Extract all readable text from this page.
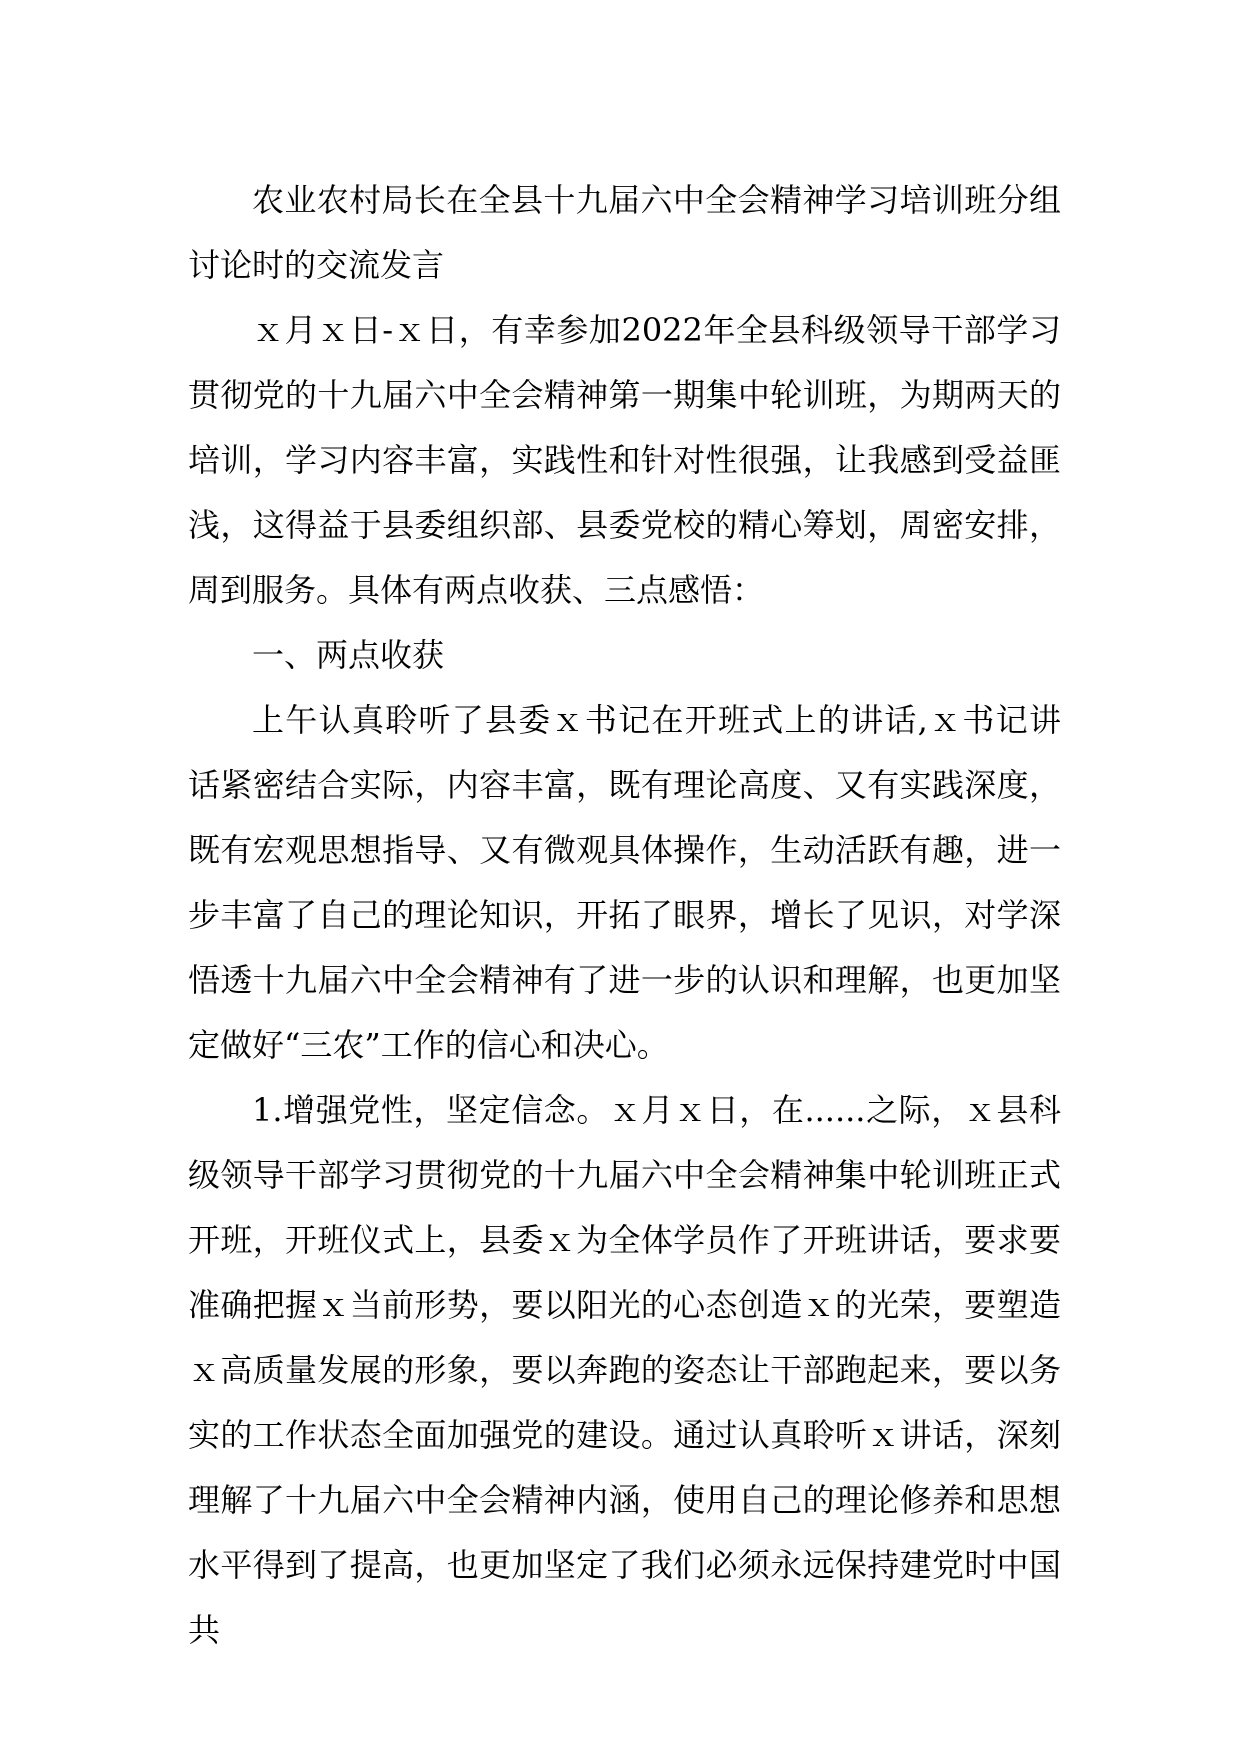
农业农村局长在全县十九届六中全会精神学习培训班分组讨论时的交流发言

ｘ月ｘ日-ｘ日，有幸参加2022年全县科级领导干部学习贯彻党的十九届六中全会精神第一期集中轮训班，为期两天的培训，学习内容丰富，实践性和针对性很强，让我感到受益匪浅，这得益于县委组织部、县委党校的精心筹划，周密安排，周到服务。具体有两点收获、三点感悟：

一、两点收获

上午认真聆听了县委ｘ书记在开班式上的讲话,ｘ书记讲话紧密结合实际，内容丰富，既有理论高度、又有实践深度，既有宏观思想指导、又有微观具体操作，生动活跃有趣，进一步丰富了自己的理论知识，开拓了眼界，增长了见识，对学深悟透十九届六中全会精神有了进一步的认识和理解，也更加坚定做好“三农”工作的信心和决心。

1.增强党性，坚定信念。ｘ月ｘ日，在......之际，ｘ县科级领导干部学习贯彻党的十九届六中全会精神集中轮训班正式开班，开班仪式上，县委ｘ为全体学员作了开班讲话，要求要准确把握ｘ当前形势，要以阳光的心态创造ｘ的光荣，要塑造ｘ高质量发展的形象，要以奔跑的姿态让干部跑起来，要以务实的工作状态全面加强党的建设。通过认真聆听ｘ讲话，深刻理解了十九届六中全会精神内涵，使用自己的理论修养和思想水平得到了提高，也更加坚定了我们必须永远保持建党时中国共
